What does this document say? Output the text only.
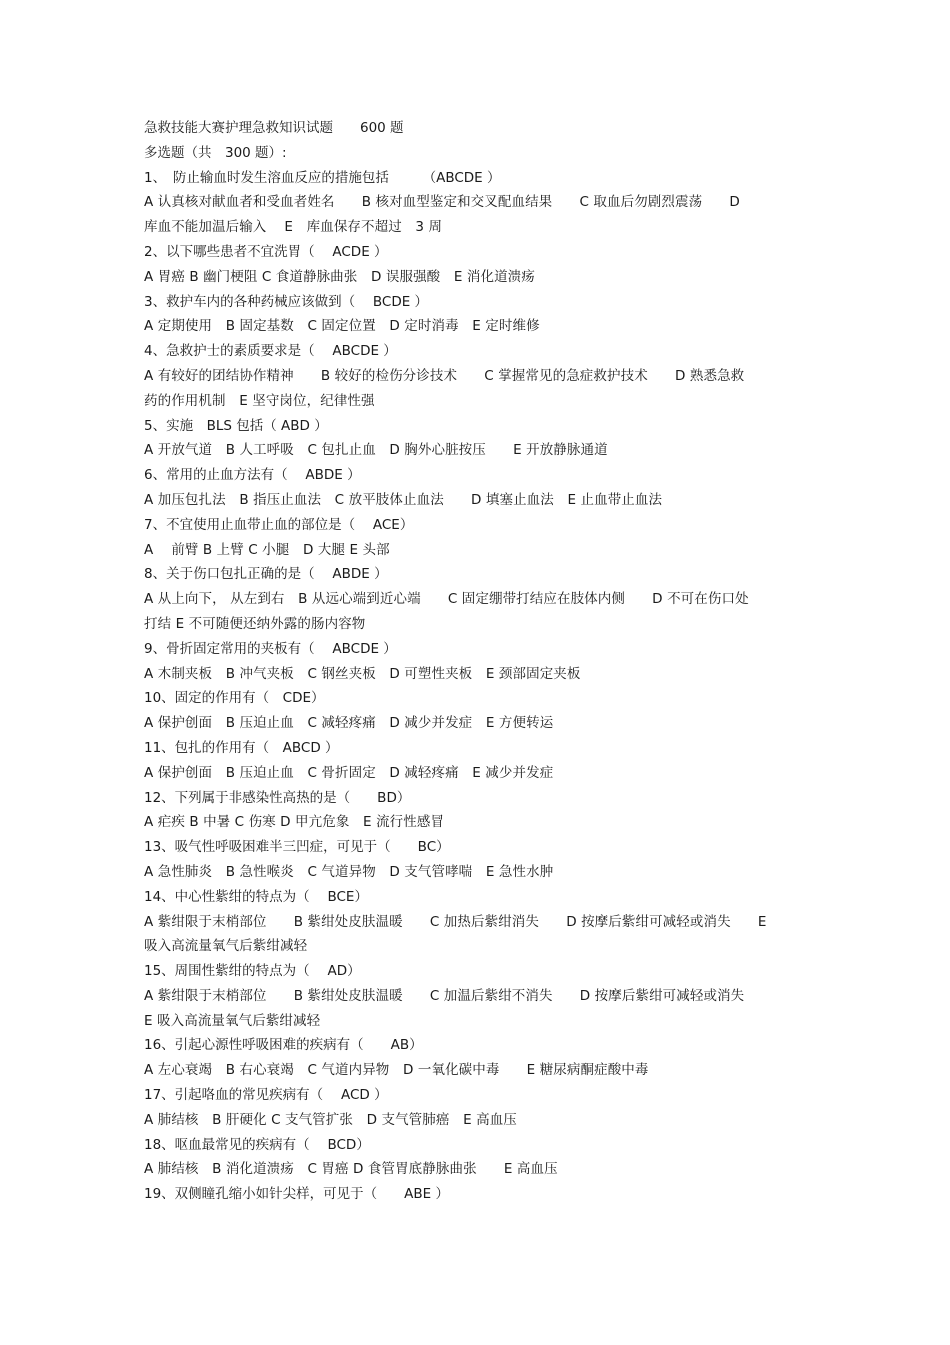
急救技能大赛护理急救知识试题　　600 题
多选题（共　300 题）:
1、　防止输血时发生溶血反应的措施包括　　　（ABCDE ）
A 认真核对献血者和受血者姓名　　B 核对血型鉴定和交叉配血结果　　C 取血后勿剧烈震荡　　D
库血不能加温后输入　 E　库血保存不超过　3 周
2、以下哪些患者不宜洗胃（　 ACDE ）
A 胃癌 B 幽门梗阻 C 食道静脉曲张　D 误服强酸　E 消化道溃疡
3、救护车内的各种药械应该做到（　 BCDE ）
A 定期使用　B 固定基数　C 固定位置　D 定时消毒　E 定时维修
4、急救护士的素质要求是（　 ABCDE ）
A 有较好的团结协作精神　　B 较好的检伤分诊技术　　C 掌握常见的急症救护技术　　D 熟悉急救
药的作用机制　E 坚守岗位，纪律性强
5、实施　BLS 包括（ ABD ）
A 开放气道　B 人工呼吸　C 包扎止血　D 胸外心脏按压　　E 开放静脉通道
6、常用的止血方法有（　 ABDE ）
A 加压包扎法　B 指压止血法　C 放平肢体止血法　　D 填塞止血法　E 止血带止血法
7、不宜使用止血带止血的部位是（　 ACE）
A　 前臂 B 上臂 C 小腿　D 大腿 E 头部
8、关于伤口包扎正确的是（　 ABDE ）
A 从上向下， 从左到右　B 从远心端到近心端　　C 固定绷带打结应在肢体内侧　　D 不可在伤口处
打结 E 不可随便还纳外露的肠内容物
9、骨折固定常用的夹板有（　 ABCDE ）
A 木制夹板　B 冲气夹板　C 钢丝夹板　D 可塑性夹板　E 颈部固定夹板
10、固定的作用有（　CDE）
A 保护创面　B 压迫止血　C 减轻疼痛　D 减少并发症　E 方便转运
11、包扎的作用有（　ABCD ）
A 保护创面　B 压迫止血　C 骨折固定　D 减轻疼痛　E 减少并发症
12、下列属于非感染性高热的是（　　BD）
A 疟疾 B 中暑 C 伤寒 D 甲亢危象　E 流行性感冒
13、吸气性呼吸困难半三凹症，可见于（　　BC）
A 急性肺炎　B 急性喉炎　C 气道异物　D 支气管哮喘　E 急性水肿
14、中心性紫绀的特点为（　 BCE）
A 紫绀限于末梢部位　　B 紫绀处皮肤温暖　　C 加热后紫绀消失　　D 按摩后紫绀可减轻或消失　　E
吸入高流量氧气后紫绀减轻
15、周围性紫绀的特点为（　 AD）
A 紫绀限于末梢部位　　B 紫绀处皮肤温暖　　C 加温后紫绀不消失　　D 按摩后紫绀可减轻或消失
E 吸入高流量氧气后紫绀减轻
16、引起心源性呼吸困难的疾病有（　　AB）
A 左心衰竭　B 右心衰竭　C 气道内异物　D 一氧化碳中毒　　E 糖尿病酮症酸中毒
17、引起咯血的常见疾病有（　 ACD ）
A 肺结核　B 肝硬化 C 支气管扩张　D 支气管肺癌　E 高血压
18、呕血最常见的疾病有（　 BCD）
A 肺结核　B 消化道溃疡　C 胃癌 D 食管胃底静脉曲张　　E 高血压
19、双侧瞳孔缩小如针尖样，可见于（　　ABE ）
